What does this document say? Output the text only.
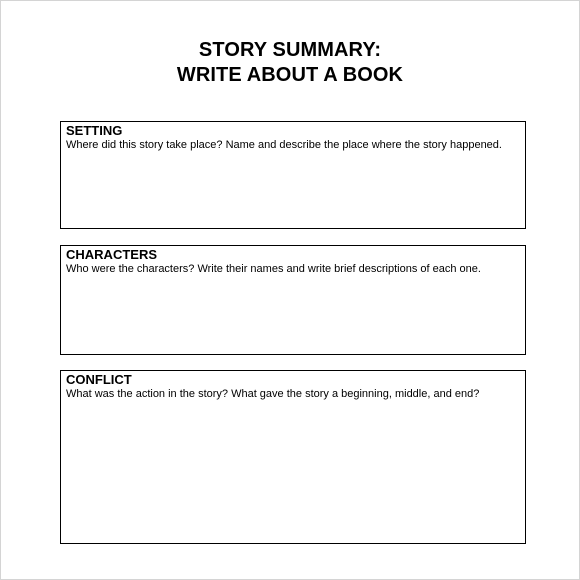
STORY SUMMARY:
WRITE ABOUT A BOOK
SETTING
Where did this story take place? Name and describe the place where the story happened.
CHARACTERS
Who were the characters? Write their names and write brief descriptions of each one.
CONFLICT
What was the action in the story? What gave the story a beginning, middle, and end?
